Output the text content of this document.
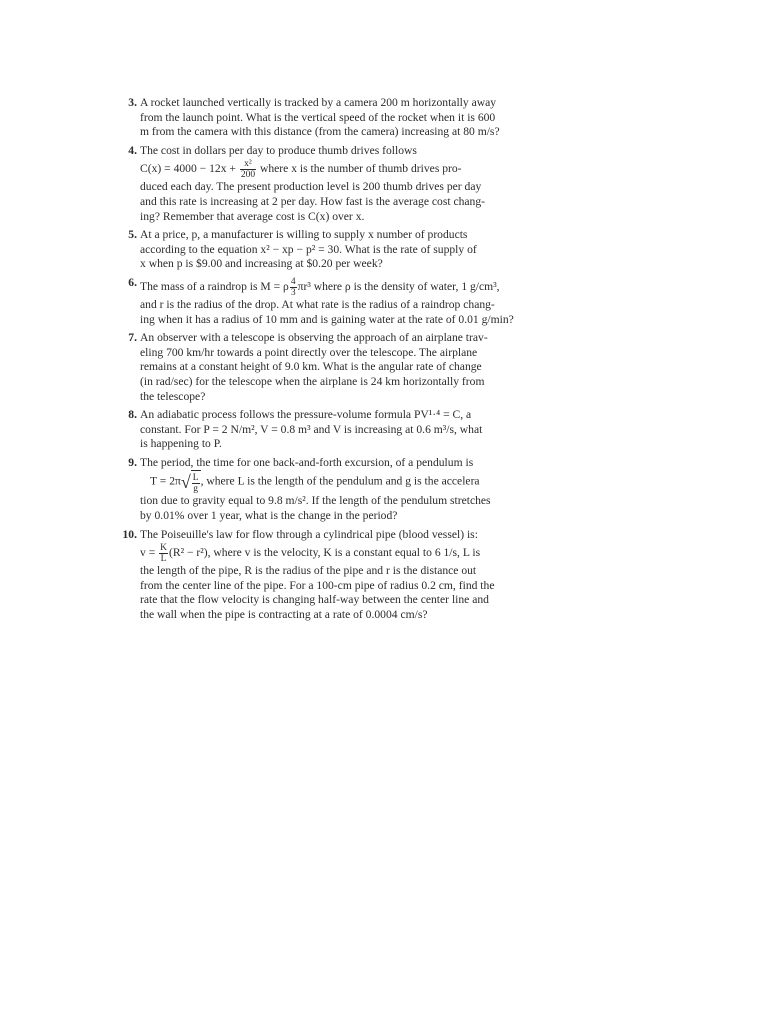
3. A rocket launched vertically is tracked by a camera 200 m horizontally away
from the launch point. What is the vertical speed of the rocket when it is 600
m from the camera with this distance (from the camera) increasing at 80 m/s?
4. The cost in dollars per day to produce thumb drives follows
$C(x) = 4000 - 12x + \frac{\text{x²}}{200}$ where x is the number of thumb drives pro-
duced each day. The present production level is 200 thumb drives per day
and this rate is increasing at 2 per day. How fast is the average cost chang-
ing? Remember that average cost is C(x) over x.
5. At a price, p, a manufacturer is willing to supply x number of products
according to the equation x² − xp − p² = 30. What is the rate of supply of
x when p is $9.00 and increasing at $0.20 per week?
6. The mass of a raindrop is M = ρ $\frac{4}{3} \pi r^3$ where ρ is the density of water, 1 g/cm³,
and r is the radius of the drop. At what rate is the radius of a raindrop chang-
ing when it has a radius of 10 mm and is gaining water at the rate of 0.01 g/min?
7. An observer with a telescope is observing the approach of an airplane trav-
eling 700 km/hr towards a point directly over the telescope. The airplane
remains at a constant height of 9.0 km. What is the angular rate of change
(in rad/sec) for the telescope when the airplane is 24 km horizontally from
the telescope?
8. An adiabatic process follows the pressure-volume formula PV¹·⁴ = C, a
constant. For P = 2 N/m², V = 0.8 m³ and V is increasing at 0.6 m³/s, what
is happening to P.
9. The period, the time for one back-and-forth excursion, of a pendulum is
$T = 2\pi√ \frac{L}{g}$ , where L is the length of the pendulum and g is the accelera
tion due to gravity equal to 9.8 m/s². If the length of the pendulum stretches
by 0.01% over 1 year, what is the change in the period?
10. The Poiseuille's law for flow through a cylindrical pipe (blood vessel) is:
$v = \frac{K}{L} (R^2 - r^2)$, where v is the velocity, K is a constant equal to 6 1/s, L is
the length of the pipe, R is the radius of the pipe and r is the distance out
from the center line of the pipe. For a 100-cm pipe of radius 0.2 cm, find the
rate that the flow velocity is changing half-way between the center line and
the wall when the pipe is contracting at a rate of 0.0004 cm/s?
